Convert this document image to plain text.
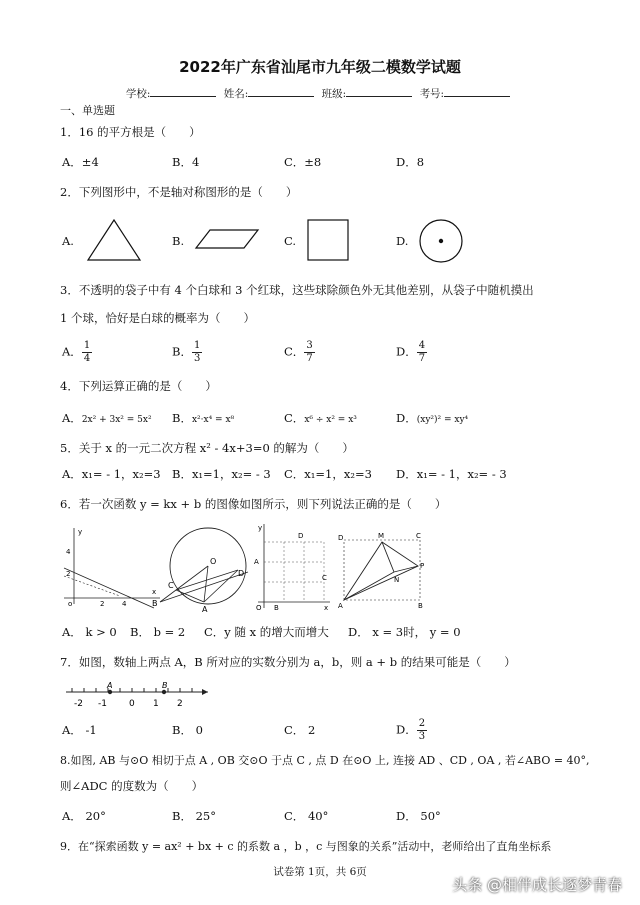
2022年广东省汕尾市九年级二模数学试题
学校:	姓名:	班级:	考号:
一、单选题
1．16 的平方根是（　　）
A．±4	B．4	C．±8	D．8
2．下列图形中，不是轴对称图形的是（　　）
A.	B.	C.	D.
3．不透明的袋子中有 4 个白球和 3 个红球，这些球除颜色外无其他差别，从袋子中随机摸出
1 个球，恰好是白球的概率为（　　）
A． $\frac{1}{4}$	B． $\frac{1}{3}$	C． $\frac{3}{7}$	D． $\frac{4}{7}$
4．下列运算正确的是（　　）
A．2x² + 3x² = 5x² B．x²·x⁴ = x⁸	C．x⁶ ÷ x² = x³	D．(xy²)² = xy⁴
5．关于 x 的一元二次方程 x² - 4x+3=0 的解为（　　）
A．x₁= - 1，x₂=3 B．x₁=1，x₂= - 3 C．x₁=1，x₂=3 D．x₁= - 1，x₂= - 3
6．若一次函数 y = kx + b 的图像如图所示，则下列说法正确的是（　　）
y
x
o	2	4
4
2
O
A
B
C
D
y
x
O
A
B
C
D
A
D	M
N
P
C
B
A． k > 0 B． b = 2 C．y 随 x 的增大而增大 D． x = 3时， y = 0
7．如图，数轴上两点 A，B 所对应的实数分别为 a，b，则 a + b 的结果可能是（　　）
A	B
-2 -1 0 1 2
A． -1	B． 0	C． 2	D． $\frac{2}{3}$
8.如图, AB 与⊙O 相切于点 A , OB 交⊙O 于点 C , 点 D 在⊙O 上, 连接 AD 、CD , OA , 若∠ABO = 40°,
则∠ADC 的度数为（　　）
A． 20°	B． 25°	C． 40°	D． 50°
9．在“探索函数 y = ax² + bx + c 的系数 a ，b ，c 与图象的关系”活动中，老师给出了直角坐标系
试卷第 1页，共 6页
头条 @相伴成长逐梦青春
